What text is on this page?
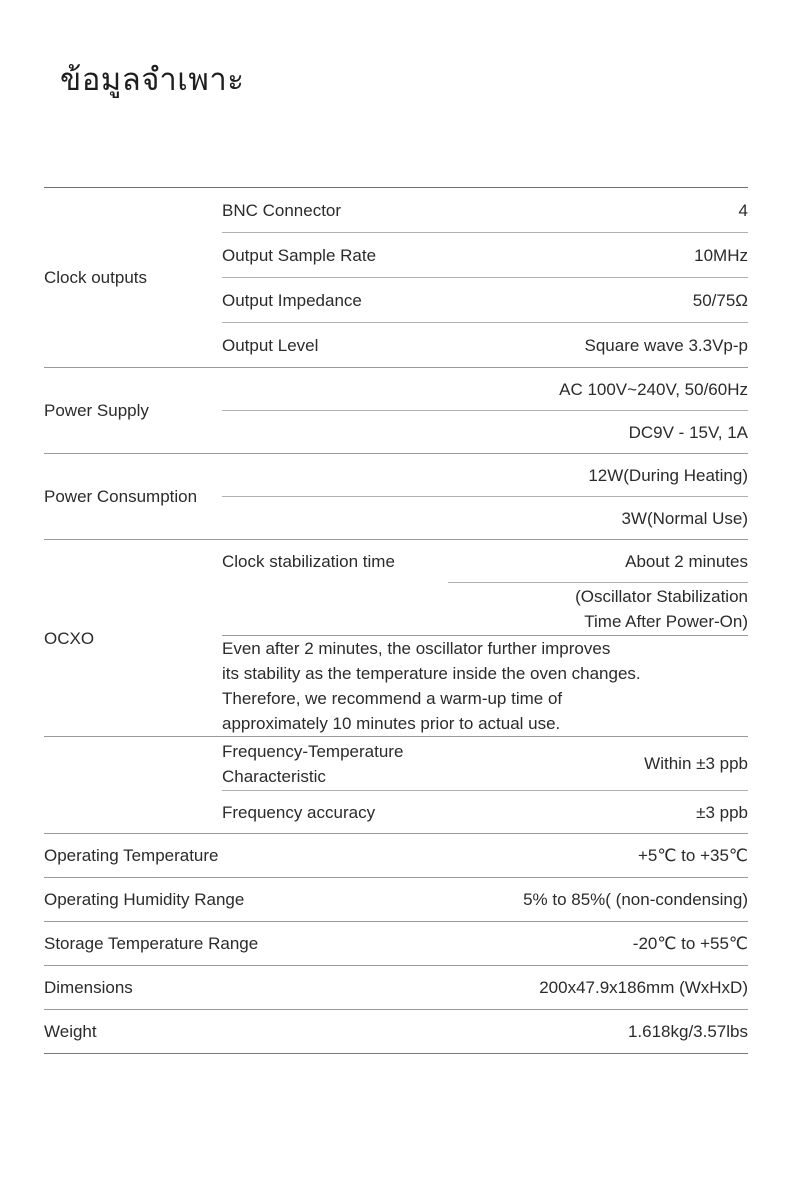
ข้อมูลจำเพาะ
Clock outputs	BNC Connector	4
	Output Sample Rate	10MHz
	Output Impedance	50/75Ω
	Output Level	Square wave 3.3Vp-p
Power Supply	AC 100V~240V, 50/60Hz	
	DC9V - 15V, 1A	
Power Consumption	12W(During Heating)	
	3W(Normal Use)	
OCXO	Clock stabilization time	About 2 minutes

		(Oscillator Stabilization
Time After Power-On)

	Even after 2 minutes, the oscillator further improves
its stability as the temperature inside the oven changes.
Therefore, we recommend a warm-up time of
approximately 10 minutes prior to actual use.	

	Frequency-Temperature
Characteristic	Within ±3 ppb
	Frequency accuracy	±3 ppb
Operating Temperature	+5℃ to +35℃	
Operating Humidity Range	5% to 85%( (non-condensing)	
Storage Temperature Range	-20℃ to +55℃	
Dimensions	200x47.9x186mm (WxHxD)	
Weight	1.618kg/3.57lbs	
